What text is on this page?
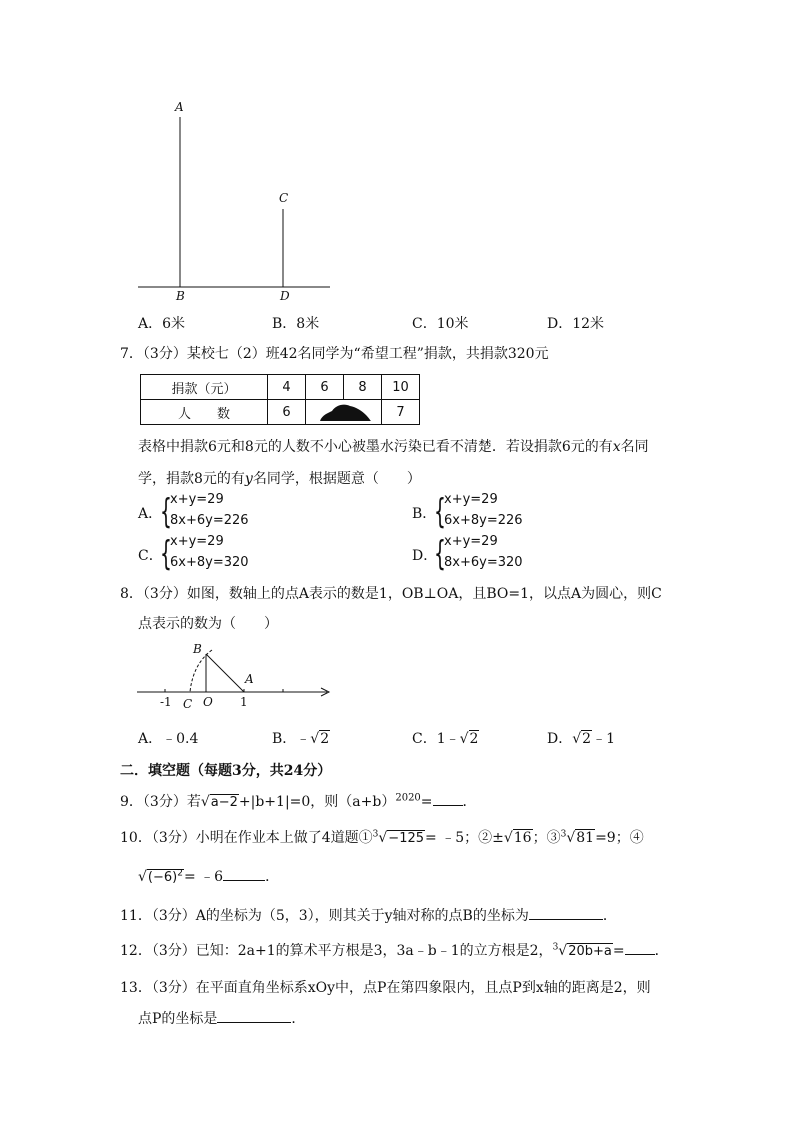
A
C
B	D
A．6米	B．8米	C．10米	D．12米
7．（3分）某校七（2）班42名同学为“希望工程”捐款，共捐款320元
捐款（元）	4	6	8	10
人　　数	6			7
表格中捐款6元和8元的人数不小心被墨水污染已看不清楚．若设捐款6元的有x名同
学，捐款8元的有y名同学，根据题意（　　）
A．
{
x+y=29
8x+6y=226	B．
{
x+y=29
6x+8y=226
C．
{
x+y=29
6x+8y=320	D．
{
x+y=29
8x+6y=320
8．（3分）如图，数轴上的点A表示的数是1，OB⊥OA，且BO=1，以点A为圆心，则C
点表示的数为（　　）
B
A
-1 C O 1
A．﹣0.4	B．﹣√2	C．1﹣√2	D．√2﹣1
二．填空题（每题3分，共24分）
9．（3分）若√a−2+|b+1|=0，则$(a+b)^{2020}=$ ．
10．（3分）小明在作业本上做了4道题①$^3$√−125= ﹣5；②±√16；③$^3$√81=9；④
$√(-6)^2=$ ﹣6	．
11．（3分）A的坐标为（5，3），则其关于y轴对称的点B的坐标为	．
12．（3分）已知：2a+1的算术平方根是3，3a﹣b﹣1的立方根是2，$^3$√20b+a= ．
13．（3分）在平面直角坐标系xOy中，点P在第四象限内，且点P到x轴的距离是2，则
点P的坐标是	．
